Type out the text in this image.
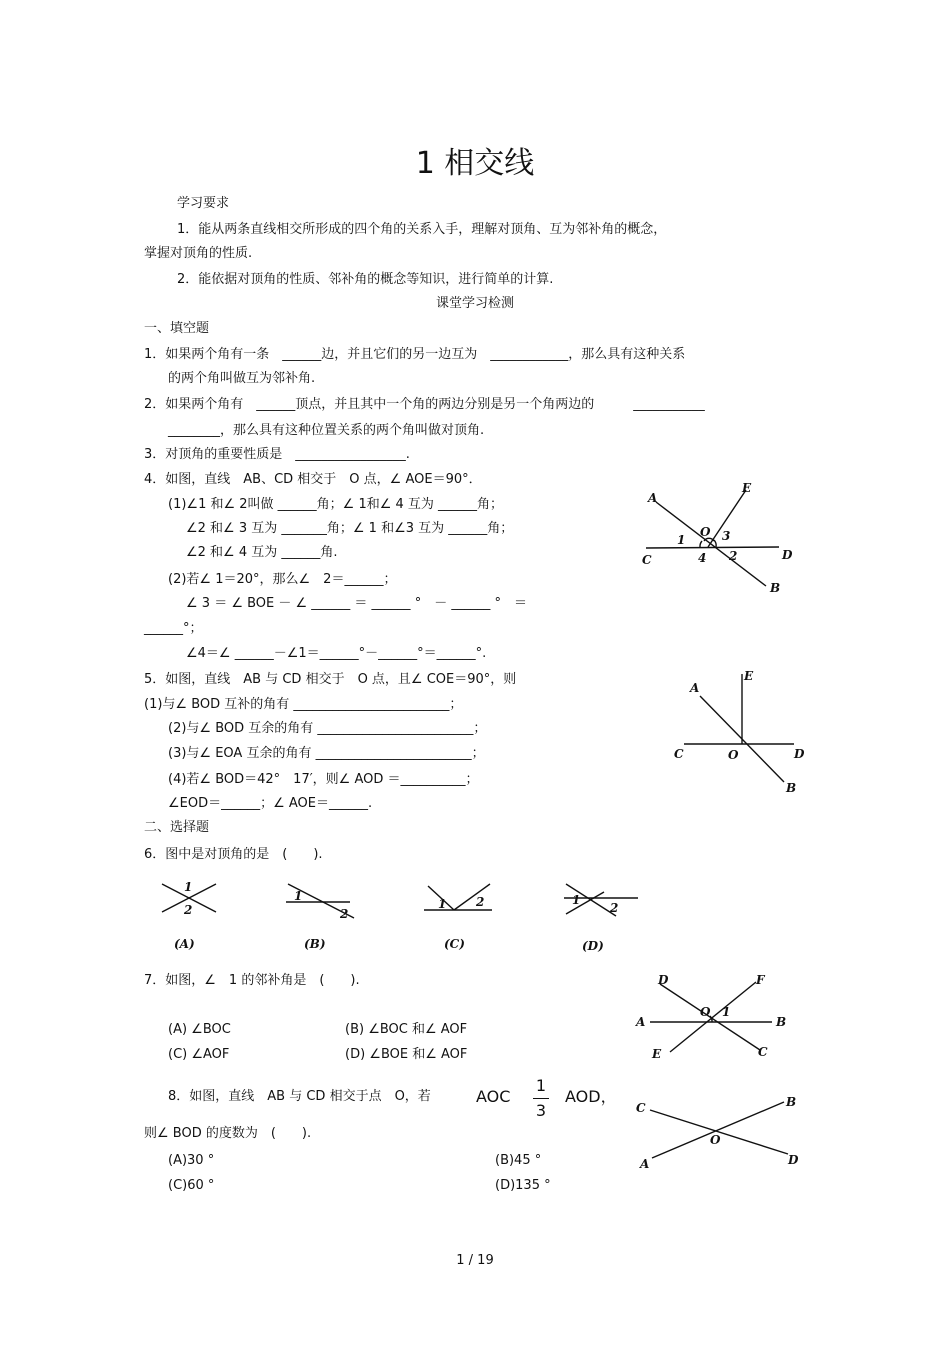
1 相交线
学习要求
1．能从两条直线相交所形成的四个角的关系入手，理解对顶角、互为邻补角的概念，
掌握对顶角的性质.
2．能依据对顶角的性质、邻补角的概念等知识，进行简单的计算.
课堂学习检测
一、填空题
1．如果两个角有一条　______边，并且它们的另一边互为　____________，那么具有这种关系
的两个角叫做互为邻补角.
2．如果两个角有　______顶点，并且其中一个角的两边分别是另一个角两边的　　　___________
________，那么具有这种位置关系的两个角叫做对顶角.
3．对顶角的重要性质是　_________________.
4．如图，直线　AB、CD 相交于　O 点，∠ AOE＝90°．
(1)∠1 和∠ 2叫做 ______角；∠ 1和∠ 4 互为 ______角；
∠2 和∠ 3 互为 _______角；∠ 1 和∠3 互为 ______角；
∠2 和∠ 4 互为 ______角.
(2)若∠ 1＝20°，那么∠　2＝______；
∠ 3 ＝ ∠ BOE － ∠ ______ ＝ ______ °　－ ______ °　＝
______°；
∠4＝∠ ______－∠1＝______°－______°＝______°.
5．如图，直线　AB 与 CD 相交于　O 点，且∠ COE＝90°，则
(1)与∠ BOD 互补的角有 ________________________；
(2)与∠ BOD 互余的角有 ________________________；
(3)与∠ EOA 互余的角有 ________________________；
(4)若∠ BOD＝42°　17′，则∠ AOD ＝__________；
∠EOD＝______；∠ AOE＝______.
二、选择题
6．图中是对顶角的是　(　　).
7．如图，∠　1 的邻补角是　(　　).
(A) ∠BOC	(B) ∠BOC 和∠ AOF
(C) ∠AOF	(D) ∠BOE 和∠ AOF
8．如图，直线　AB 与 CD 相交于点　O，若	AOC
1
3
AOD，
则∠ BOD 的度数为　(　　).
(A)30 °	(B)45 °
(C)60 °	(D)135 °
A
E
O
C	D
B
1
2
3
4
A
E
C	O	D
B
1
2
(A)
1
2
(B)
1 2
(C)
1
2
(D)
D	F
O 1
A	B
E	C
C	B
O
A	D
1 / 19
